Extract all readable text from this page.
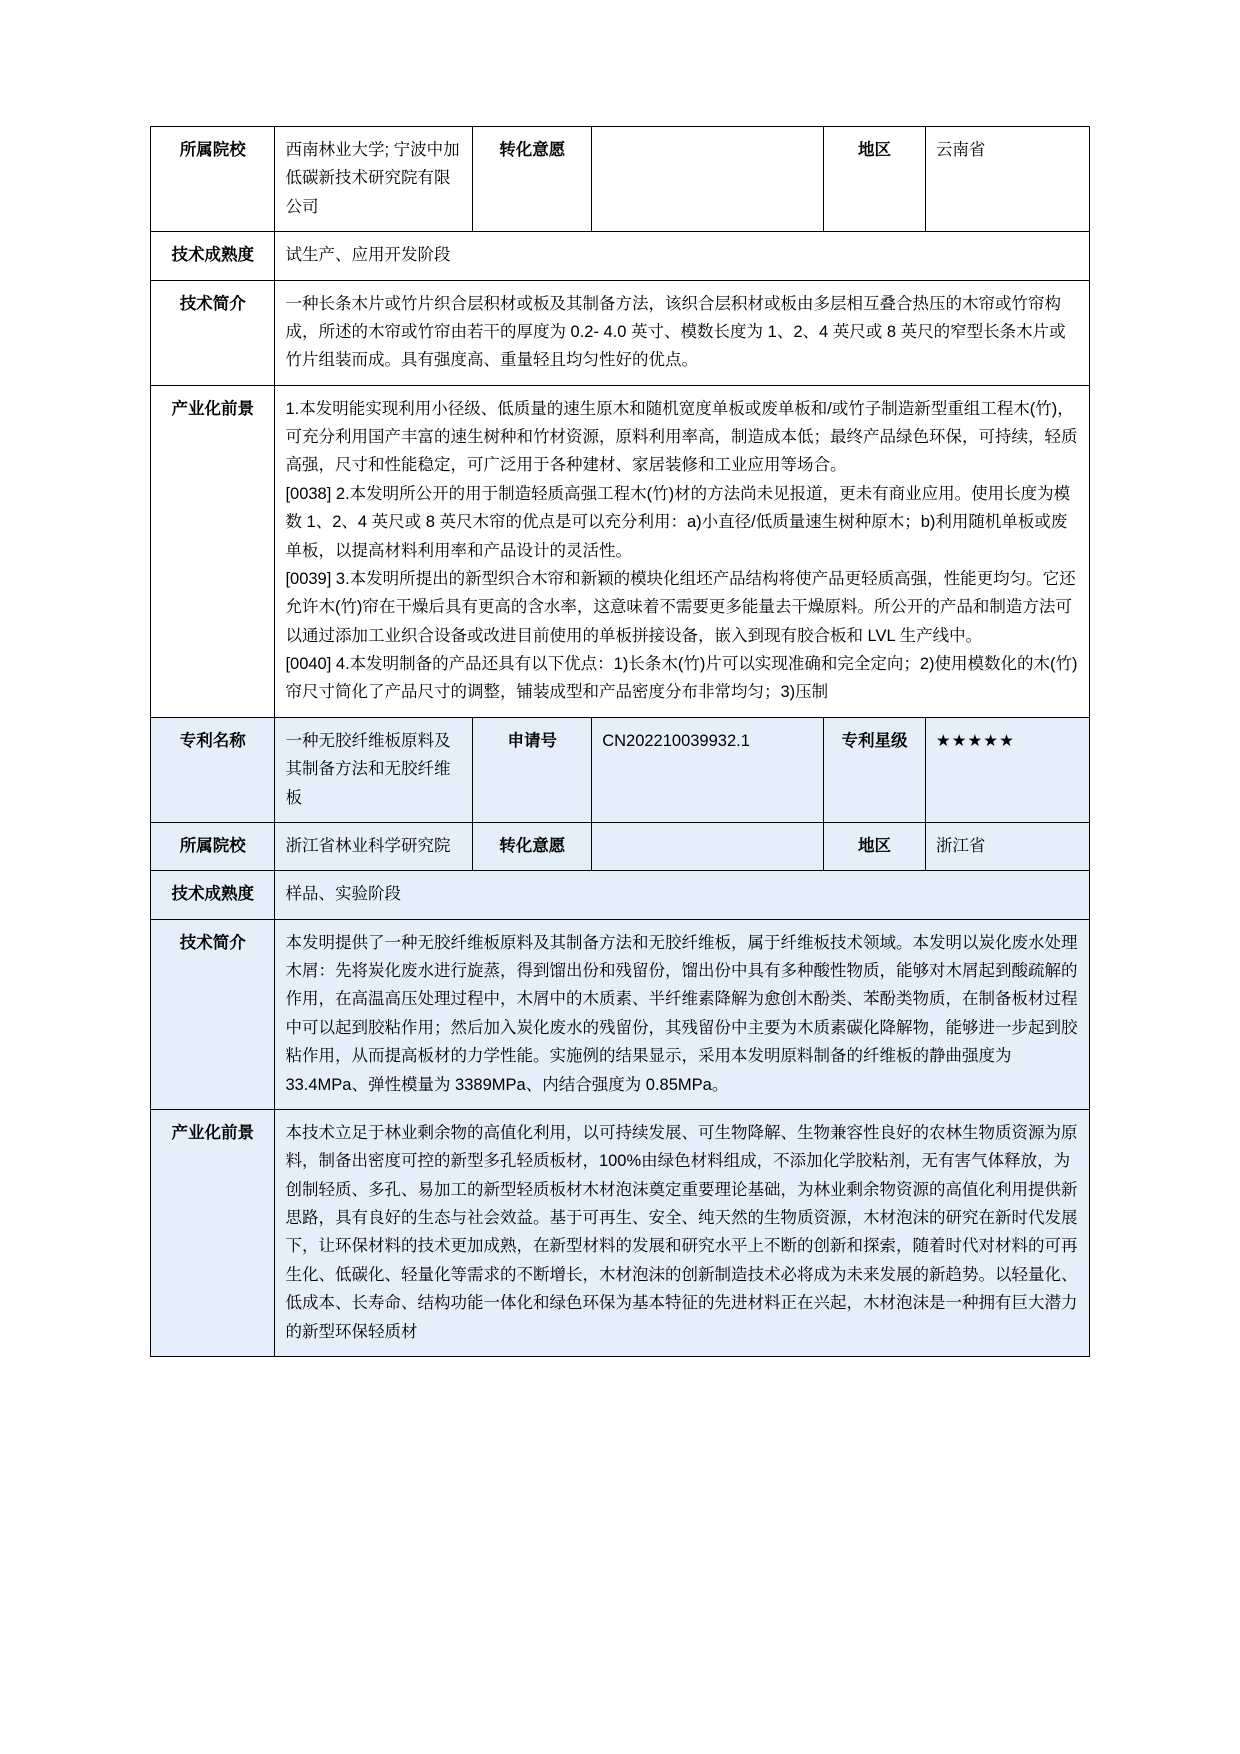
所属院校	西南林业大学; 宁波中加低碳新技术研究院有限公司	转化意愿		地区	云南省
技术成熟度	试生产、应用开发阶段				
技术简介	一种长条木片或竹片织合层积材或板及其制备方法，该织合层积材或板由多层相互叠合热压的木帘或竹帘构成，所述的木帘或竹帘由若干的厚度为 0.2- 4.0 英寸、模数长度为 1、2、4 英尺或 8 英尺的窄型长条木片或竹片组装而成。具有强度高、重量轻且均匀性好的优点。				

产业化前景	1.本发明能实现利用小径级、低质量的速生原木和随机宽度单板或废单板和/或竹子制造新型重组工程木(竹)，可充分利用国产丰富的速生树种和竹材资源，原料利用率高，制造成本低；最终产品绿色环保，可持续，轻质高强，尺寸和性能稳定，可广泛用于各种建材、家居装修和工业应用等场合。

[0038] 2.本发明所公开的用于制造轻质高强工程木(竹)材的方法尚未见报道，更未有商业应用。使用长度为模数 1、2、4 英尺或 8 英尺木帘的优点是可以充分利用：a)小直径/低质量速生树种原木；b)利用随机单板或废单板，以提高材料利用率和产品设计的灵活性。

[0039] 3.本发明所提出的新型织合木帘和新颖的模块化组坯产品结构将使产品更轻质高强，性能更均匀。它还允许木(竹)帘在干燥后具有更高的含水率，这意味着不需要更多能量去干燥原料。所公开的产品和制造方法可以通过添加工业织合设备或改进目前使用的单板拼接设备，嵌入到现有胶合板和 LVL 生产线中。

[0040] 4.本发明制备的产品还具有以下优点：1)长条木(竹)片可以实现准确和完全定向；2)使用模数化的木(竹)帘尺寸简化了产品尺寸的调整，铺装成型和产品密度分布非常均匀；3)压制				

专利名称	一种无胶纤维板原料及其制备方法和无胶纤维板	申请号	CN202210039932.1	专利星级	★★★★★
所属院校	浙江省林业科学研究院	转化意愿		地区	浙江省
技术成熟度	样品、实验阶段				
技术简介	本发明提供了一种无胶纤维板原料及其制备方法和无胶纤维板，属于纤维板技术领域。本发明以炭化废水处理木屑：先将炭化废水进行旋蒸，得到馏出份和残留份，馏出份中具有多种酸性物质，能够对木屑起到酸疏解的作用，在高温高压处理过程中，木屑中的木质素、半纤维素降解为愈创木酚类、苯酚类物质，在制备板材过程中可以起到胶粘作用；然后加入炭化废水的残留份，其残留份中主要为木质素碳化降解物，能够进一步起到胶粘作用，从而提高板材的力学性能。实施例的结果显示，采用本发明原料制备的纤维板的静曲强度为 33.4MPa、弹性模量为 3389MPa、内结合强度为 0.85MPa。				

产业化前景	本技术立足于林业剩余物的高值化利用，以可持续发展、可生物降解、生物兼容性良好的农林生物质资源为原料，制备出密度可控的新型多孔轻质板材，100%由绿色材料组成，不添加化学胶粘剂，无有害气体释放，为创制轻质、多孔、易加工的新型轻质板材木材泡沫奠定重要理论基础，为林业剩余物资源的高值化利用提供新思路，具有良好的生态与社会效益。基于可再生、安全、纯天然的生物质资源，木材泡沫的研究在新时代发展下，让环保材料的技术更加成熟，在新型材料的发展和研究水平上不断的创新和探索，随着时代对材料的可再生化、低碳化、轻量化等需求的不断增长，木材泡沫的创新制造技术必将成为未来发展的新趋势。以轻量化、低成本、长寿命、结构功能一体化和绿色环保为基本特征的先进材料正在兴起，木材泡沫是一种拥有巨大潜力的新型环保轻质材				
